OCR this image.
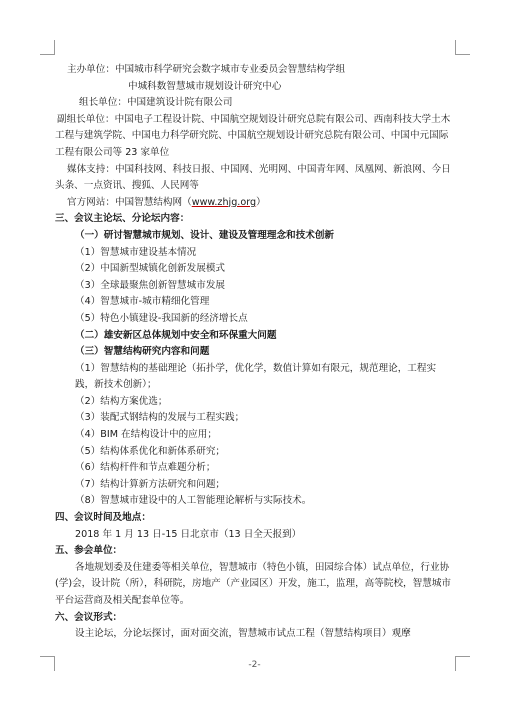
主办单位：中国城市科学研究会数字城市专业委员会智慧结构学组
中城科数智慧城市规划设计研究中心
组长单位：中国建筑设计院有限公司
副组长单位：中国电子工程设计院、中国航空规划设计研究总院有限公司、西南科技大学土木工程与建筑学院、中国电力科学研究院、中国航空规划设计研究总院有限公司、中国中元国际工程有限公司等 23 家单位
媒体支持：中国科技网、科技日报、中国网、光明网、中国青年网、凤凰网、新浪网、今日头条、一点资讯、搜狐、人民网等
官方网站：中国智慧结构网（www.zhjg.org）
三、会议主论坛、分论坛内容：
（一）研讨智慧城市规划、设计、建设及管理理念和技术创新
（1）智慧城市建设基本情况
（2）中国新型城镇化创新发展模式
（3）全球最聚焦创新智慧城市发展
（4）智慧城市-城市精细化管理
（5）特色小镇建设-我国新的经济增长点
（二）雄安新区总体规划中安全和环保重大问题
（三）智慧结构研究内容和问题
（1）智慧结构的基础理论（拓扑学，优化学，数值计算如有限元，规范理论，工程实践，新技术创新）；
（2）结构方案优选；
（3）装配式钢结构的发展与工程实践；
（4）BIM 在结构设计中的应用；
（5）结构体系优化和新体系研究；
（6）结构杆件和节点难题分析；
（7）结构计算新方法研究和问题；
（8）智慧城市建设中的人工智能理论解析与实际技术。
四、会议时间及地点：
2018 年 1 月 13 日-15 日北京市（13 日全天报到）
五、参会单位：
各地规划委及住建委等相关单位，智慧城市（特色小镇，田园综合体）试点单位，行业协(学)会，设计院（所），科研院，房地产（产业园区）开发，施工，监理，高等院校，智慧城市平台运营商及相关配套单位等。
六、会议形式：
设主论坛，分论坛探讨，面对面交流，智慧城市试点工程（智慧结构项目）观摩
-2-
